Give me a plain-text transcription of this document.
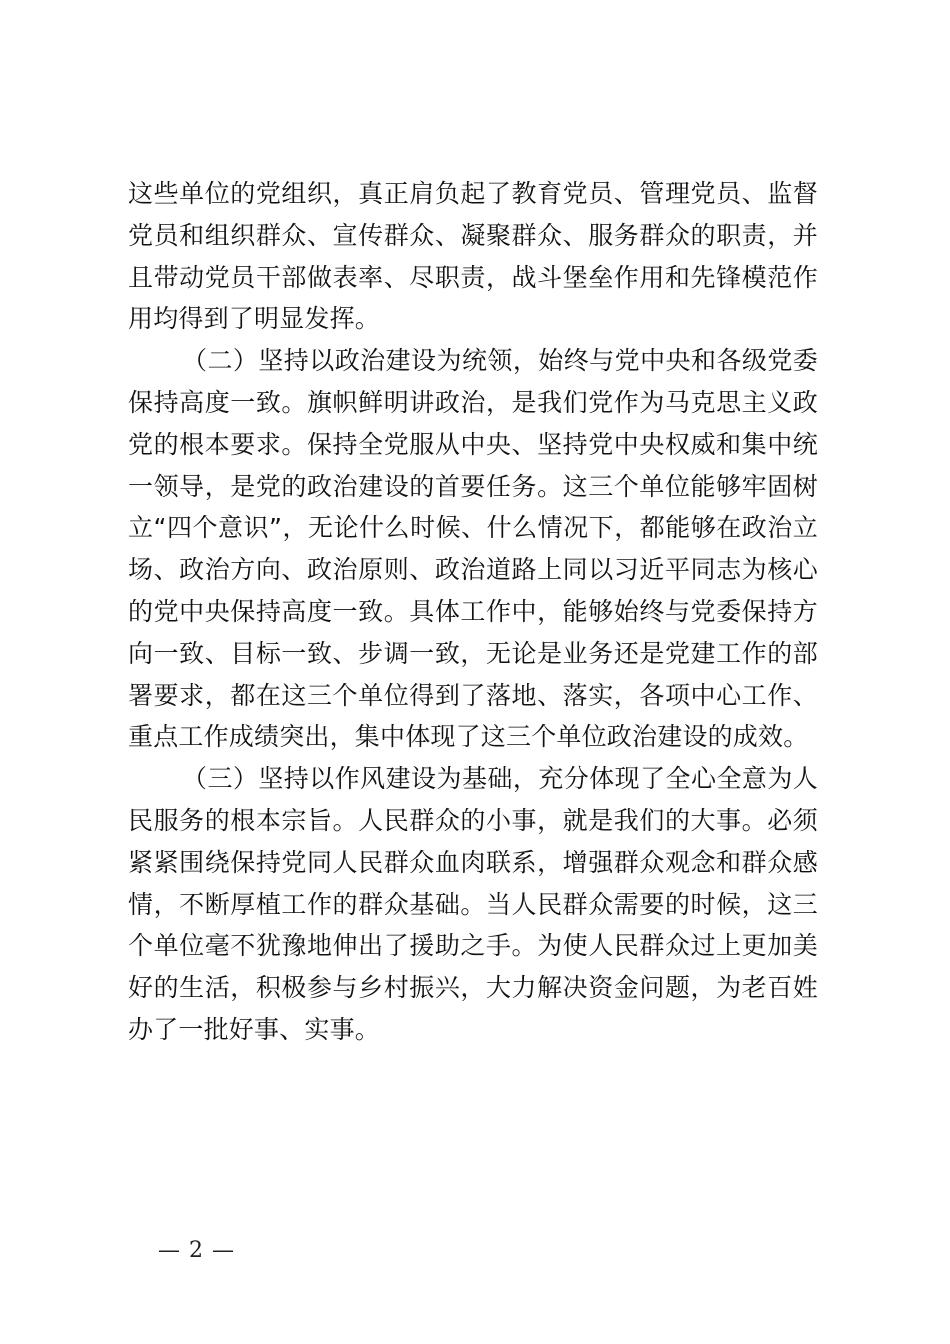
这些单位的党组织，真正肩负起了教育党员、管理党员、监督党员和组织群众、宣传群众、凝聚群众、服务群众的职责，并且带动党员干部做表率、尽职责，战斗堡垒作用和先锋模范作用均得到了明显发挥。

（二）坚持以政治建设为统领，始终与党中央和各级党委保持高度一致。旗帜鲜明讲政治，是我们党作为马克思主义政党的根本要求。保持全党服从中央、坚持党中央权威和集中统一领导，是党的政治建设的首要任务。这三个单位能够牢固树立“四个意识”，无论什么时候、什么情况下，都能够在政治立场、政治方向、政治原则、政治道路上同以习近平同志为核心的党中央保持高度一致。具体工作中，能够始终与党委保持方向一致、目标一致、步调一致，无论是业务还是党建工作的部署要求，都在这三个单位得到了落地、落实，各项中心工作、重点工作成绩突出，集中体现了这三个单位政治建设的成效。

（三）坚持以作风建设为基础，充分体现了全心全意为人民服务的根本宗旨。人民群众的小事，就是我们的大事。必须紧紧围绕保持党同人民群众血肉联系，增强群众观念和群众感情，不断厚植工作的群众基础。当人民群众需要的时候，这三个单位毫不犹豫地伸出了援助之手。为使人民群众过上更加美好的生活，积极参与乡村振兴，大力解决资金问题，为老百姓办了一批好事、实事。

— 2 —
